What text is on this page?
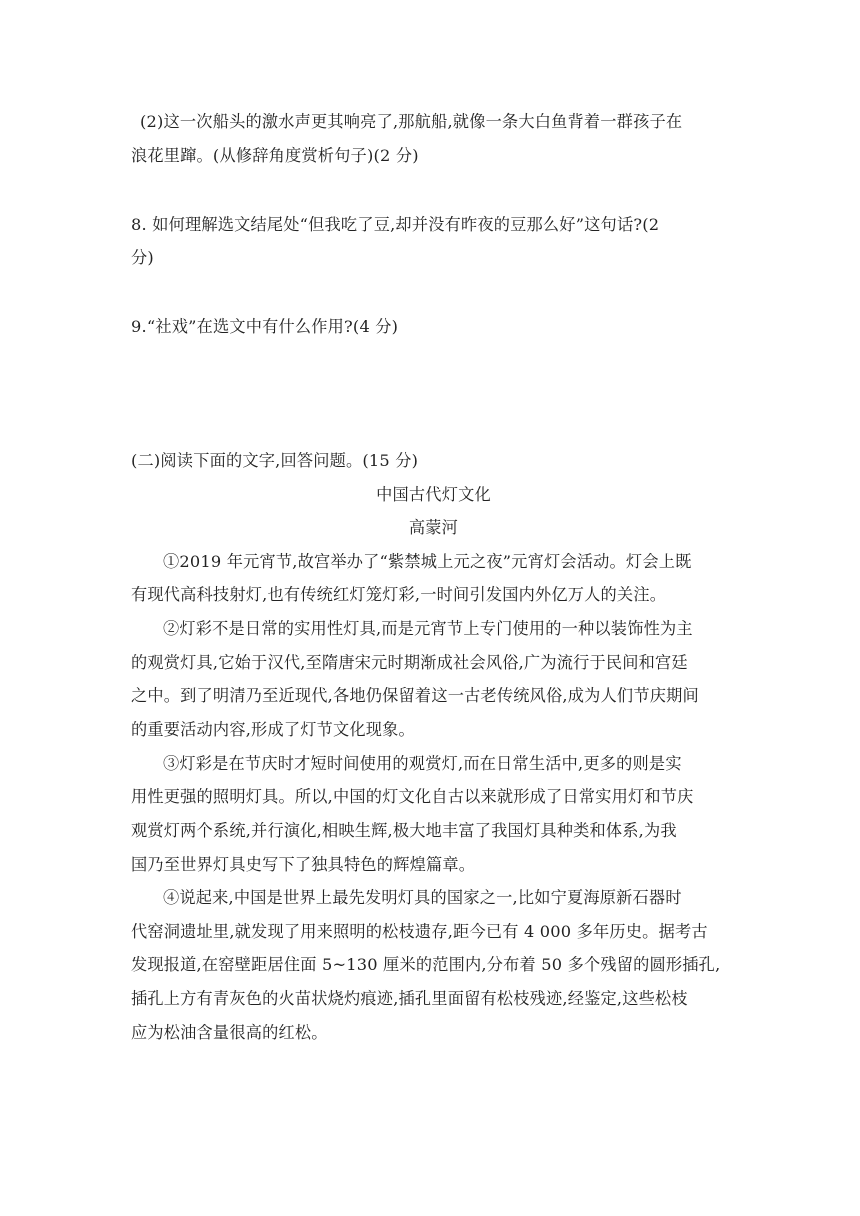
(2)这一次船头的激水声更其响亮了,那航船,就像一条大白鱼背着一群孩子在
浪花里蹿。(从修辞角度赏析句子)(2 分)
8. 如何理解选文结尾处“但我吃了豆,却并没有昨夜的豆那么好”这句话?(2
分)
9.“社戏”在选文中有什么作用?(4 分)
(二)阅读下面的文字,回答问题。(15 分)
中国古代灯文化
高蒙河
①2019 年元宵节,故宫举办了“紫禁城上元之夜”元宵灯会活动。灯会上既
有现代高科技射灯,也有传统红灯笼灯彩,一时间引发国内外亿万人的关注。
②灯彩不是日常的实用性灯具,而是元宵节上专门使用的一种以装饰性为主
的观赏灯具,它始于汉代,至隋唐宋元时期渐成社会风俗,广为流行于民间和宫廷
之中。到了明清乃至近现代,各地仍保留着这一古老传统风俗,成为人们节庆期间
的重要活动内容,形成了灯节文化现象。
③灯彩是在节庆时才短时间使用的观赏灯,而在日常生活中,更多的则是实
用性更强的照明灯具。所以,中国的灯文化自古以来就形成了日常实用灯和节庆
观赏灯两个系统,并行演化,相映生辉,极大地丰富了我国灯具种类和体系,为我
国乃至世界灯具史写下了独具特色的辉煌篇章。
④说起来,中国是世界上最先发明灯具的国家之一,比如宁夏海原新石器时
代窑洞遗址里,就发现了用来照明的松枝遗存,距今已有 4 000 多年历史。据考古
发现报道,在窑壁距居住面 5~130 厘米的范围内,分布着 50 多个残留的圆形插孔,
插孔上方有青灰色的火苗状烧灼痕迹,插孔里面留有松枝残迹,经鉴定,这些松枝
应为松油含量很高的红松。
